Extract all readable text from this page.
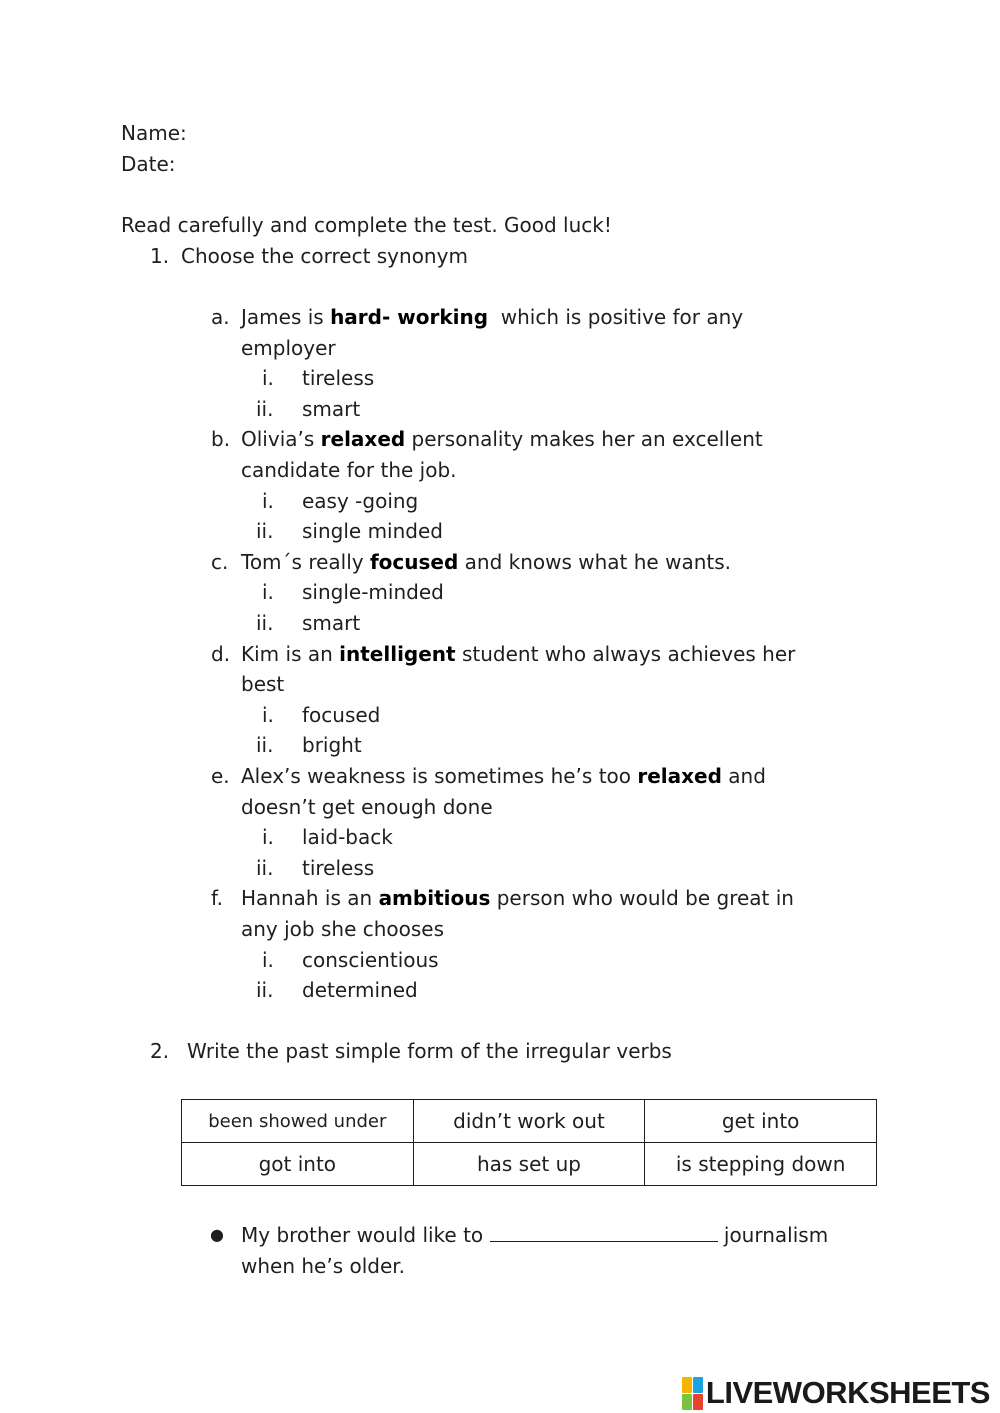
Name:
Date:
Read carefully and complete the test. Good luck!
1. Choose the correct synonym
a. James is hard- working  which is positive for any
employer
i. tireless
ii. smart
b. Olivia’s relaxed personality makes her an excellent
candidate for the job.
i. easy -going
ii. single minded
c. Tom´s really focused and knows what he wants.
i. single-minded
ii. smart
d. Kim is an intelligent student who always achieves her
best
i. focused
ii. bright
e. Alex’s weakness is sometimes he’s too relaxed and
doesn’t get enough done
i. laid-back
ii. tireless
f. Hannah is an ambitious person who would be great in
any job she chooses
i. conscientious
ii. determined
2. Write the past simple form of the irregular verbs
been showed under	didn’t work out	get into
got into	has set up	is stepping down
● My brother would like to	journalism
when he’s older.
LIVEWORKSHEETS
